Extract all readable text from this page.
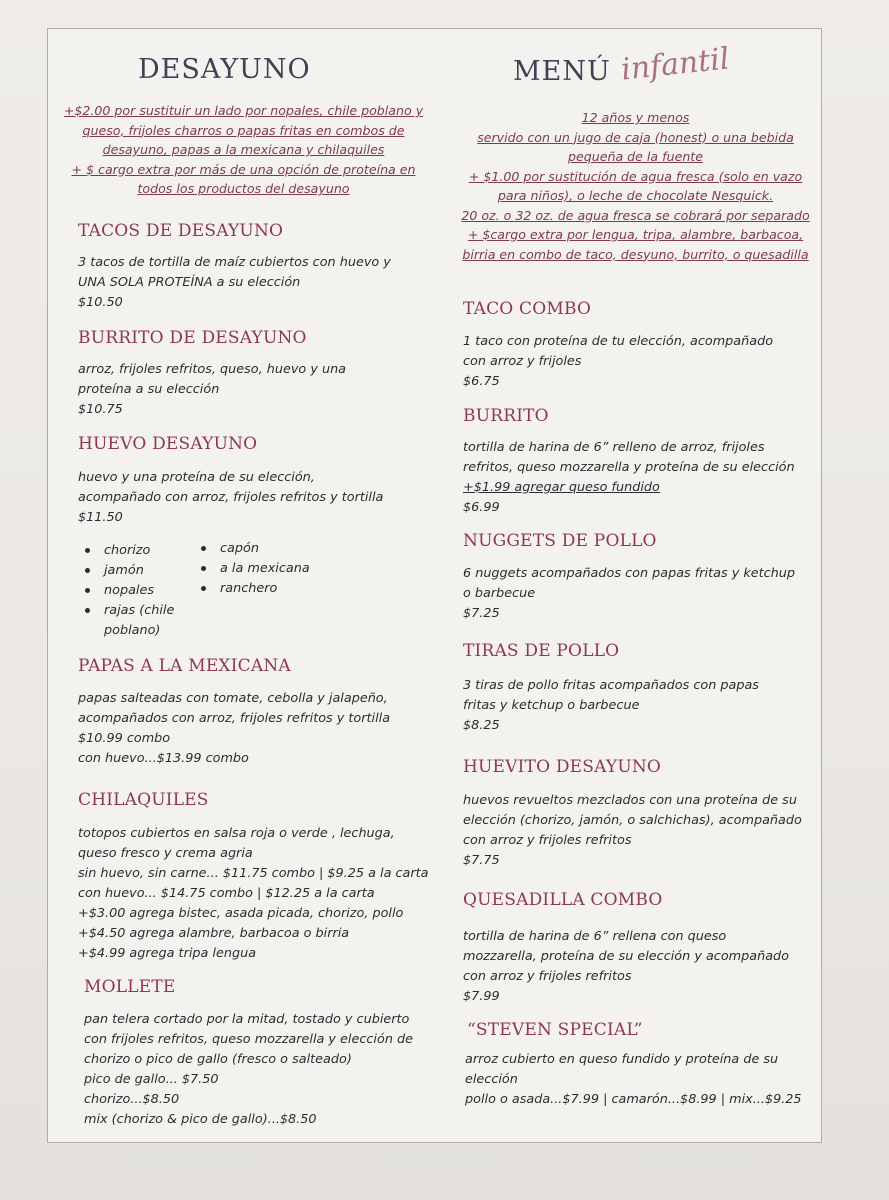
DESAYUNO
+$2.00 por sustituir un lado por nopales, chile poblano y
queso, frijoles charros o papas fritas en combos de
desayuno, papas a la mexicana y chilaquiles
+ $ cargo extra por más de una opción de proteína en
todos los productos del desayuno
TACOS DE DESAYUNO
3 tacos de tortilla de maíz cubiertos con huevo y
UNA SOLA PROTEÍNA a su elección
$10.50
BURRITO DE DESAYUNO
arroz, frijoles refritos, queso, huevo y una
proteína a su elección
$10.75
HUEVO DESAYUNO
huevo y una proteína de su elección,
acompañado con arroz, frijoles refritos y tortilla
$11.50
chorizo
jamón
nopales
rajas (chile
poblano)
capón
a la mexicana
ranchero
PAPAS A LA MEXICANA
papas salteadas con tomate, cebolla y jalapeño,
acompañados con arroz, frijoles refritos y tortilla
$10.99 combo
con huevo...$13.99 combo
CHILAQUILES
totopos cubiertos en salsa roja o verde , lechuga,
queso fresco y crema agria
sin huevo, sin carne... $11.75 combo | $9.25 a la carta
con huevo... $14.75 combo | $12.25 a la carta
+$3.00 agrega bistec, asada picada, chorizo, pollo
+$4.50 agrega alambre, barbacoa o birria
+$4.99 agrega tripa lengua
MOLLETE
pan telera cortado por la mitad, tostado y cubierto
con frijoles refritos, queso mozzarella y elección de
chorizo o pico de gallo (fresco o salteado)
pico de gallo... $7.50
chorizo...$8.50
mix (chorizo & pico de gallo)...$8.50
MENÚ infantil
12 años y menos
servido con un jugo de caja (honest) o una bebida
pequeña de la fuente
+ $1.00 por sustitución de agua fresca (solo en vazo
para niños), o leche de chocolate Nesquick.
20 oz. o 32 oz. de agua fresca se cobrará por separado
+ $cargo extra por lengua, tripa, alambre, barbacoa,
birria en combo de taco, desyuno, burrito, o quesadilla
TACO COMBO
1 taco con proteína de tu elección, acompañado
con arroz y frijoles
$6.75
BURRITO
tortilla de harina de 6” relleno de arroz, frijoles
refritos, queso mozzarella y proteína de su elección
+$1.99 agregar queso fundido
$6.99
NUGGETS DE POLLO
6 nuggets acompañados con papas fritas y ketchup
o barbecue
$7.25
TIRAS DE POLLO
3 tiras de pollo fritas acompañados con papas
fritas y ketchup o barbecue
$8.25
HUEVITO DESAYUNO
huevos revueltos mezclados con una proteína de su
elección (chorizo, jamón, o salchichas), acompañado
con arroz y frijoles refritos
$7.75
QUESADILLA COMBO
tortilla de harina de 6” rellena con queso
mozzarella, proteína de su elección y acompañado
con arroz y frijoles refritos
$7.99
“STEVEN SPECIAL”
arroz cubierto en queso fundido y proteína de su
elección
pollo o asada...$7.99 | camarón...$8.99 | mix...$9.25
